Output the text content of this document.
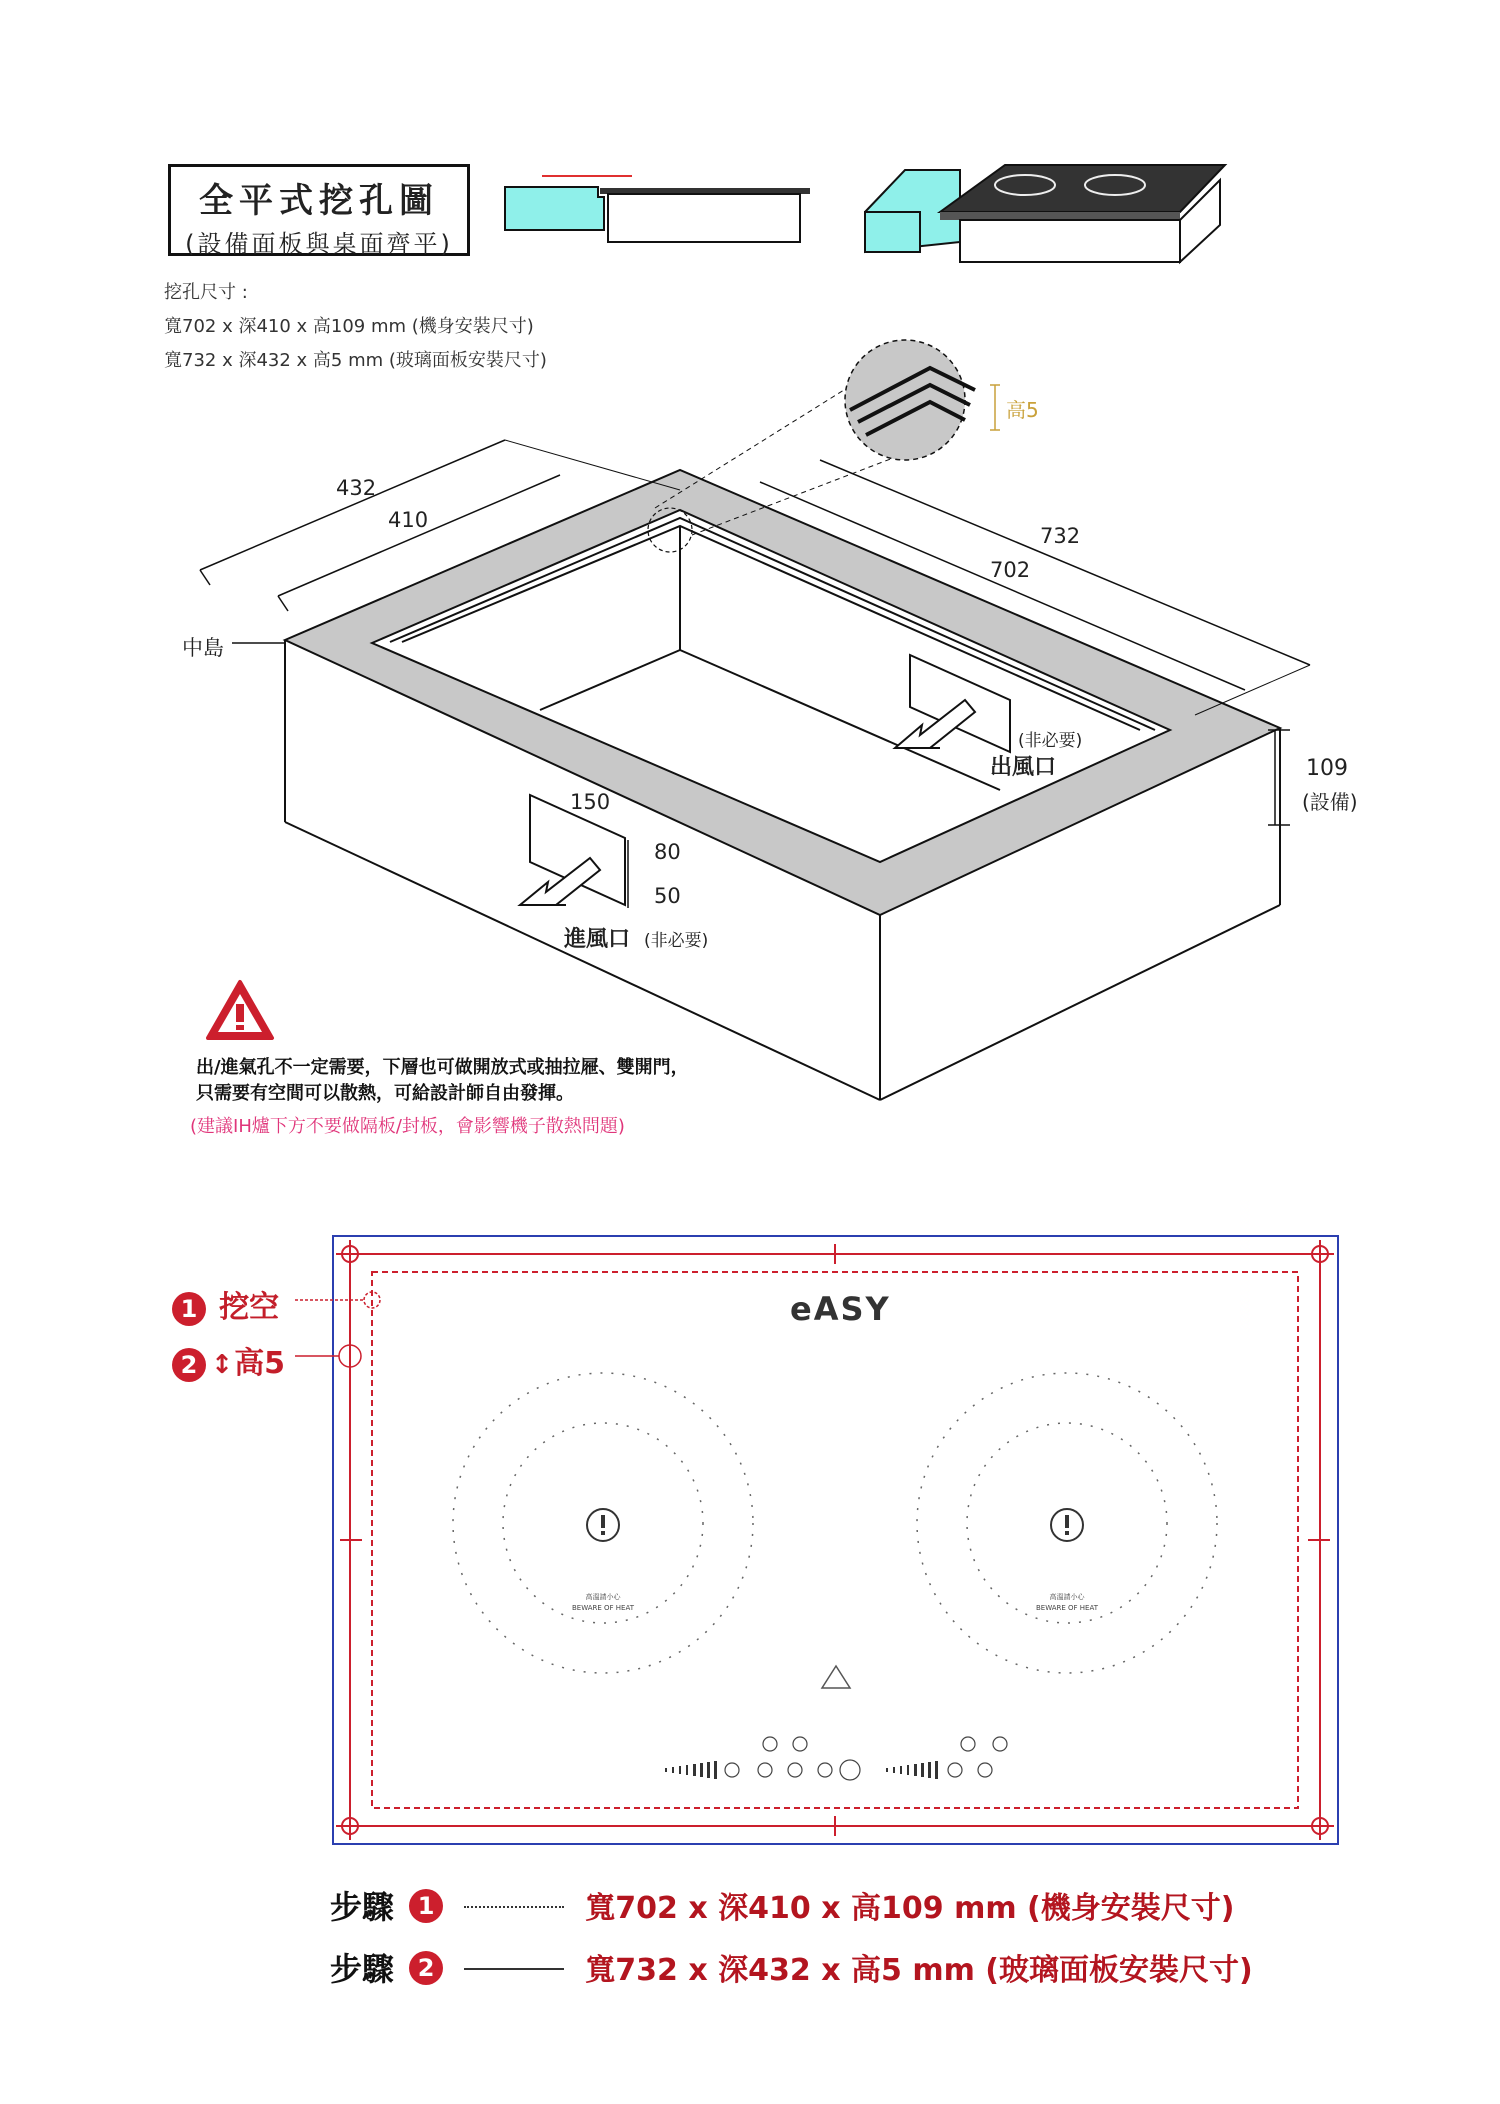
全平式挖孔圖
(設備面板與桌面齊平)
挖孔尺寸 :
寬702 x 深410 x 高109 mm (機身安裝尺寸)
寬732 x 深432 x 高5 mm (玻璃面板安裝尺寸)
432
410
732
702
109
(設備)
高5
中島
(非必要)
出風口
150
80
50
進風口 (非必要)
出/進氣孔不一定需要，下層也可做開放式或抽拉屜、雙開門，
只需要有空間可以散熱，可給設計師自由發揮。
(建議IH爐下方不要做隔板/封板，會影響機子散熱問題)
eASY
高溫請小心
BEWARE OF HEAT
高溫請小心
BEWARE OF HEAT
1 挖空
2 ↕ 高5
步驟 1	寬702 x 深410 x 高109 mm (機身安裝尺寸)
步驟 2	寬732 x 深432 x 高5 mm (玻璃面板安裝尺寸)
